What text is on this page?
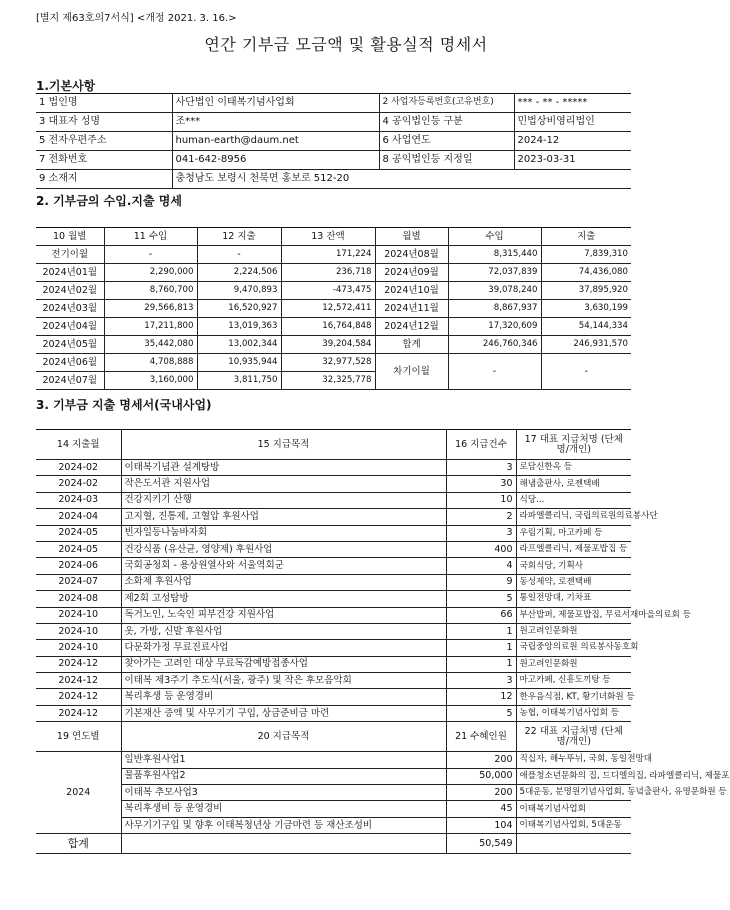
[별지 제63호의7서식] <개정 2021. 3. 16.>
연간 기부금 모금액 및 활용실적 명세서
1.기본사항
1 법인명	사단법인 이태복기념사업회	2 사업자등록번호(고유번호)	*** - ** - *****
3 대표자 성명	조***	4 공익법인등 구분	민법상비영리법인
5 전자우편주소	human-earth@daum.net	6 사업연도	2024-12
7 전화번호	041-642-8956	8 공익법인등 지정일	2023-03-31
9 소재지	충청남도 보령시 천북면 홍보로 512-20		
2. 기부금의 수입.지출 명세
10 월별	11 수입	12 지출	13 잔액	월별	수입	지출
전기이월	-	-	171,224	2024년08월	8,315,440	7,839,310
2024년01월	2,290,000	2,224,506	236,718	2024년09월	72,037,839	74,436,080
2024년02월	8,760,700	9,470,893	-473,475	2024년10월	39,078,240	37,895,920
2024년03월	29,566,813	16,520,927	12,572,411	2024년11월	8,867,937	3,630,199
2024년04월	17,211,800	13,019,363	16,764,848	2024년12월	17,320,609	54,144,334
2024년05월	35,442,080	13,002,344	39,204,584	합계	246,760,346	246,931,570
2024년06월	4,708,888	10,935,944	32,977,528	차기이월	-	-
2024년07월	3,160,000	3,811,750	32,325,778			
3. 기부금 지출 명세서(국내사업)
14 지출월	15 지급목적	16 지급건수	17 대표 지급처명 (단체명/개인)
2024-02	이태복기념관 설계탕방	3	로담신한옥 등
2024-02	작은도서관 지원사업	30	해냄출판사, 로젠택배
2024-03	건강지키기 산행	10	식당...
2024-04	고지혈, 진통제, 고혈압 후원사업	2	라파엘클리닉, 국립의료원의료봉사단
2024-05	빈자일등나눔바자회	3	우림기획, 마고카페 등
2024-05	건강식품 (유산균, 영양제) 후원사업	400	라프엘클리닉, 제물포밥집 등
2024-06	국회공청회 - 용상원열사와 서울역회군	4	국회식당, 기획사
2024-07	소화제 후원사업	9	동성제약, 로젠택배
2024-08	제2회 고성탐방	5	통일전망대, 기차표
2024-10	독거노인, 노숙인 피부건강 지원사업	66	부산밥퍼, 제물포밥집, 무료서재마을의료회 등
2024-10	옷, 가방, 신발 후원사업	1	원고려인문화원
2024-10	다문화가정 무료진료사업	1	국립중앙의료원 의료봉사동호회
2024-12	찾아가는 고려인 대상 무료독감예방접종사업	1	원고려인문화원
2024-12	이태복 제3주기 추도식(서울, 광주) 및 작은 후모음악회	3	마고카페, 신흥도끼탕 등
2024-12	복리후생 등 운영경비	12	한우음식점, KT, 황기녀화원 등
2024-12	기본재산 증액 및 사무기기 구입, 상금준비금 마련	5	농협, 이태복기념사업회 등
19 연도별	20 지급목적	21 수혜인원	22 대표 지급처명 (단체명/개인)
2024	일반후원사업1	200	직십자, 해누뚜뉘, 국회, 동일전망대
	물품후원사업2	50,000	애플청소년문화의 집, 드디엘의집, 라파엘클리닉, 제물포
	이태복 추모사업3	200	5대운동, 분명원기념사업회, 동녘출판사, 유명문화원 등
	복리후생비 등 운영경비	45	이태복기념사업회
	사무기기구입 및 향후 이태복청년상 기금마련 등 재산조성비	104	이태복기념사업회, 5대운동
합계		50,549	
